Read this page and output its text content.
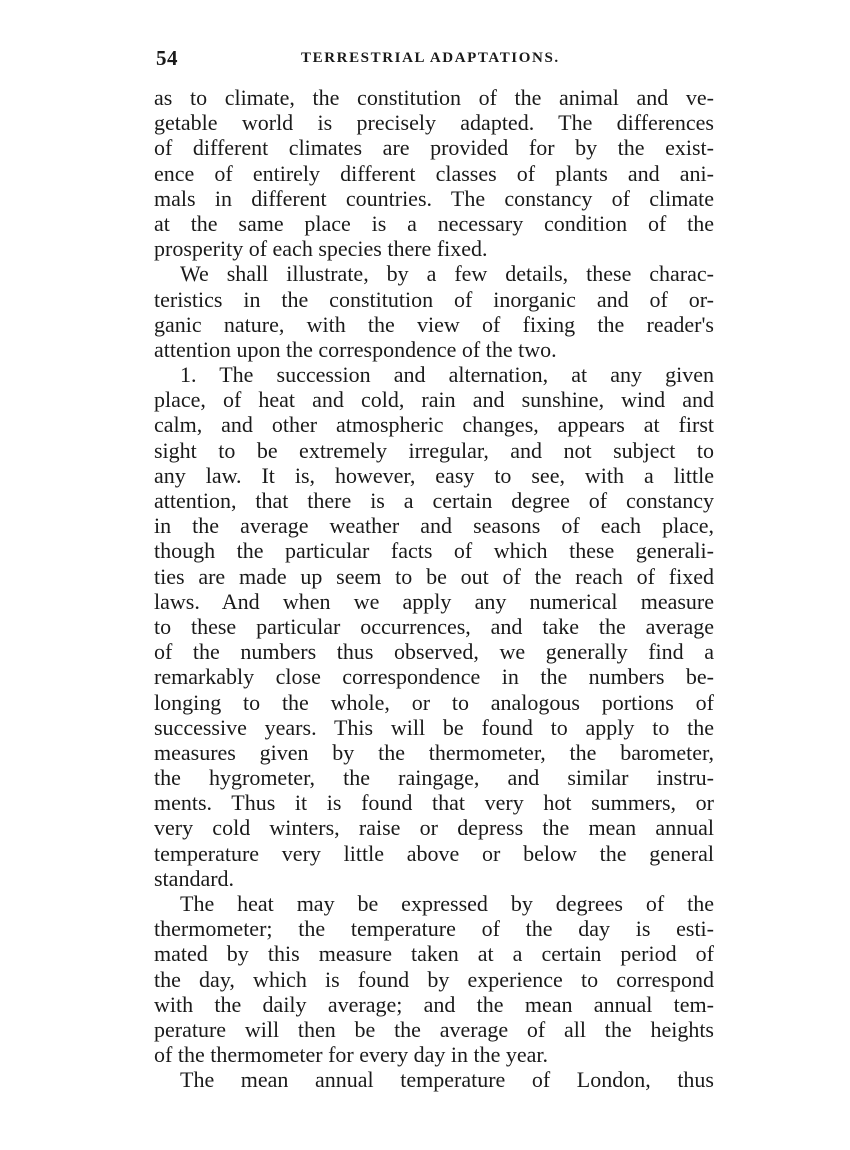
54	TERRESTRIAL ADAPTATIONS.
as to climate, the constitution of the animal and ve-
getable world is precisely adapted. The differences
of different climates are provided for by the exist-
ence of entirely different classes of plants and ani-
mals in different countries. The constancy of climate
at the same place is a necessary condition of the
prosperity of each species there fixed.
We shall illustrate, by a few details, these charac-
teristics in the constitution of inorganic and of or-
ganic nature, with the view of fixing the reader's
attention upon the correspondence of the two.
1. The succession and alternation, at any given
place, of heat and cold, rain and sunshine, wind and
calm, and other atmospheric changes, appears at first
sight to be extremely irregular, and not subject to
any law. It is, however, easy to see, with a little
attention, that there is a certain degree of constancy
in the average weather and seasons of each place,
though the particular facts of which these generali-
ties are made up seem to be out of the reach of fixed
laws. And when we apply any numerical measure
to these particular occurrences, and take the average
of the numbers thus observed, we generally find a
remarkably close correspondence in the numbers be-
longing to the whole, or to analogous portions of
successive years. This will be found to apply to the
measures given by the thermometer, the barometer,
the hygrometer, the raingage, and similar instru-
ments. Thus it is found that very hot summers, or
very cold winters, raise or depress the mean annual
temperature very little above or below the general
standard.
The heat may be expressed by degrees of the
thermometer; the temperature of the day is esti-
mated by this measure taken at a certain period of
the day, which is found by experience to correspond
with the daily average; and the mean annual tem-
perature will then be the average of all the heights
of the thermometer for every day in the year.
The mean annual temperature of London, thus
